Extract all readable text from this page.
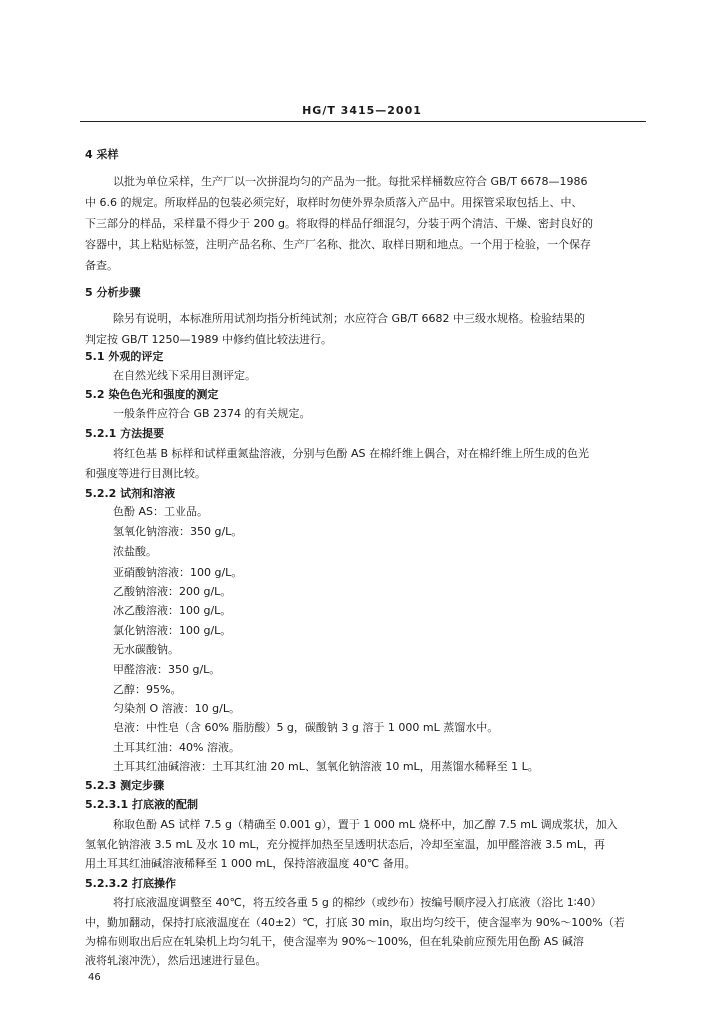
HG/T 3415—2001
4 采样
以批为单位采样，生产厂以一次拼混均匀的产品为一批。每批采样桶数应符合 GB/T 6678—1986
中 6.6 的规定。所取样品的包装必须完好，取样时勿使外界杂质落入产品中。用探管采取包括上、中、
下三部分的样品，采样量不得少于 200 g。将取得的样品仔细混匀，分装于两个清洁、干燥、密封良好的
容器中，其上粘贴标签，注明产品名称、生产厂名称、批次、取样日期和地点。一个用于检验，一个保存
备查。
5 分析步骤
除另有说明，本标准所用试剂均指分析纯试剂；水应符合 GB/T 6682 中三级水规格。检验结果的
判定按 GB/T 1250—1989 中修约值比较法进行。
5.1 外观的评定
在自然光线下采用目测评定。
5.2 染色色光和强度的测定
一般条件应符合 GB 2374 的有关规定。
5.2.1 方法提要
将红色基 B 标样和试样重氮盐溶液，分别与色酚 AS 在棉纤维上偶合，对在棉纤维上所生成的色光
和强度等进行目测比较。
5.2.2 试剂和溶液
色酚 AS：工业品。
氢氧化钠溶液：350 g/L。
浓盐酸。
亚硝酸钠溶液：100 g/L。
乙酸钠溶液：200 g/L。
冰乙酸溶液：100 g/L。
氯化钠溶液：100 g/L。
无水碳酸钠。
甲醛溶液：350 g/L。
乙醇：95%。
匀染剂 O 溶液：10 g/L。
皂液：中性皂（含 60% 脂肪酸）5 g，碳酸钠 3 g 溶于 1 000 mL 蒸馏水中。
土耳其红油：40% 溶液。
土耳其红油碱溶液：土耳其红油 20 mL、氢氧化钠溶液 10 mL，用蒸馏水稀释至 1 L。
5.2.3 测定步骤
5.2.3.1 打底液的配制
称取色酚 AS 试样 7.5 g（精确至 0.001 g），置于 1 000 mL 烧杯中，加乙醇 7.5 mL 调成浆状，加入
氢氧化钠溶液 3.5 mL 及水 10 mL，充分搅拌加热至呈透明状态后，冷却至室温，加甲醛溶液 3.5 mL，再
用土耳其红油碱溶液稀释至 1 000 mL，保持溶液温度 40℃ 备用。
5.2.3.2 打底操作
将打底液温度调整至 40℃，将五绞各重 5 g 的棉纱（或纱布）按编号顺序浸入打底液（浴比 1∶40）
中，勤加翻动，保持打底液温度在（40±2）℃，打底 30 min，取出均匀绞干，使含湿率为 90%～100%（若
为棉布则取出后应在轧染机上均匀轧干，使含湿率为 90%～100%，但在轧染前应预先用色酚 AS 碱溶
液将轧滚冲洗），然后迅速进行显色。
46
